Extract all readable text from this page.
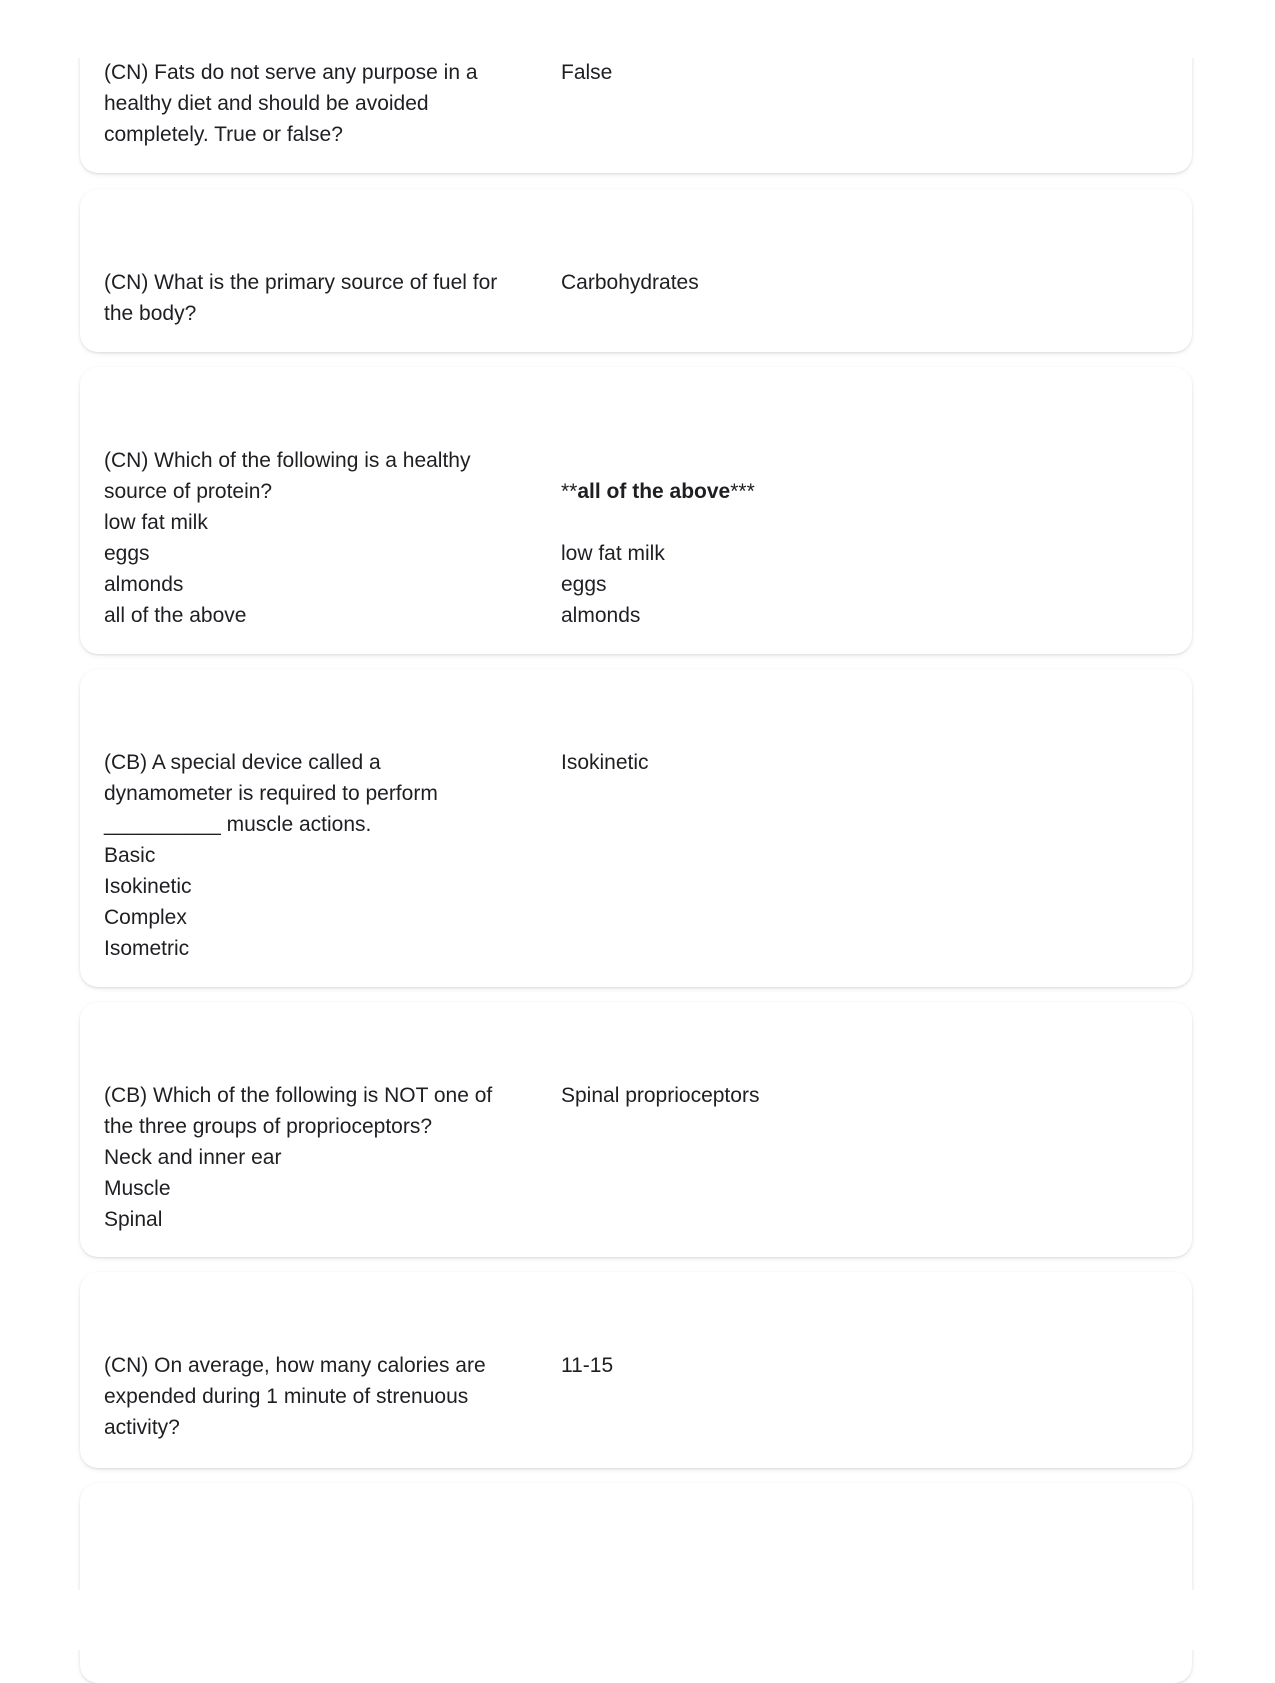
(CN) Fats do not serve any purpose in a
healthy diet and should be avoided
completely. True or false?

False

(CN) What is the primary source of fuel for
the body?

Carbohydrates

(CN) Which of the following is a healthy
source of protein?
low fat milk
eggs
almonds
all of the above

**all of the above***

low fat milk
eggs
almonds

(CB) A special device called a
dynamometer is required to perform
__________ muscle actions.
Basic
Isokinetic
Complex
Isometric

Isokinetic

(CB) Which of the following is NOT one of
the three groups of proprioceptors?
Neck and inner ear
Muscle
Spinal

Spinal proprioceptors

(CN) On average, how many calories are
expended during 1 minute of strenuous
activity?

11-15
